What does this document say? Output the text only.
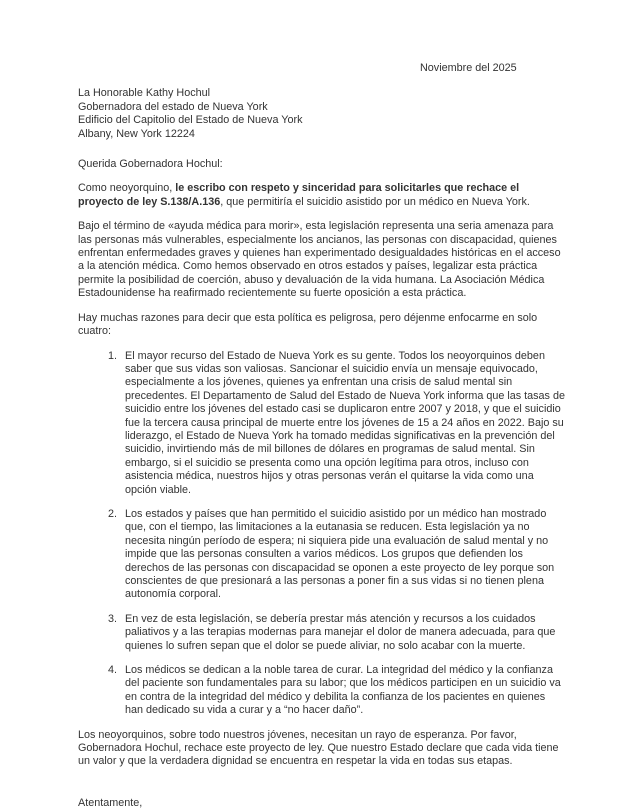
Noviembre del 2025
La Honorable Kathy Hochul
Gobernadora del estado de Nueva York
Edificio del Capitolio del Estado de Nueva York
Albany, New York 12224
Querida Gobernadora Hochul:

Como neoyorquino, le escribo con respeto y sinceridad para solicitarles que rechace el proyecto de ley S.138/A.136, que permitiría el suicidio asistido por un médico en Nueva York.

Bajo el término de «ayuda médica para morir», esta legislación representa una seria amenaza para las personas más vulnerables, especialmente los ancianos, las personas con discapacidad, quienes enfrentan enfermedades graves y quienes han experimentado desigualdades históricas en el acceso a la atención médica. Como hemos observado en otros estados y países, legalizar esta práctica permite la posibilidad de coerción, abuso y devaluación de la vida humana. La Asociación Médica Estadounidense ha reafirmado recientemente su fuerte oposición a esta práctica.

Hay muchas razones para decir que esta política es peligrosa, pero déjenme enfocarme en solo cuatro:

1. El mayor recurso del Estado de Nueva York es su gente. Todos los neoyorquinos deben saber que sus vidas son valiosas. Sancionar el suicidio envía un mensaje equivocado, especialmente a los jóvenes, quienes ya enfrentan una crisis de salud mental sin precedentes. El Departamento de Salud del Estado de Nueva York informa que las tasas de suicidio entre los jóvenes del estado casi se duplicaron entre 2007 y 2018, y que el suicidio fue la tercera causa principal de muerte entre los jóvenes de 15 a 24 años en 2022. Bajo su liderazgo, el Estado de Nueva York ha tomado medidas significativas en la prevención del suicidio, invirtiendo más de mil billones de dólares en programas de salud mental. Sin embargo, si el suicidio se presenta como una opción legítima para otros, incluso con asistencia médica, nuestros hijos y otras personas verán el quitarse la vida como una opción viable.
2. Los estados y países que han permitido el suicidio asistido por un médico han mostrado que, con el tiempo, las limitaciones a la eutanasia se reducen. Esta legislación ya no necesita ningún período de espera; ni siquiera pide una evaluación de salud mental y no impide que las personas consulten a varios médicos. Los grupos que defienden los derechos de las personas con discapacidad se oponen a este proyecto de ley porque son conscientes de que presionará a las personas a poner fin a sus vidas si no tienen plena autonomía corporal.
3. En vez de esta legislación, se debería prestar más atención y recursos a los cuidados paliativos y a las terapias modernas para manejar el dolor de manera adecuada, para que quienes lo sufren sepan que el dolor se puede aliviar, no solo acabar con la muerte.
4. Los médicos se dedican a la noble tarea de curar. La integridad del médico y la confianza del paciente son fundamentales para su labor; que los médicos participen en un suicidio va en contra de la integridad del médico y debilita la confianza de los pacientes en quienes han dedicado su vida a curar y a “no hacer daño”.

Los neoyorquinos, sobre todo nuestros jóvenes, necesitan un rayo de esperanza. Por favor, Gobernadora Hochul, rechace este proyecto de ley. Que nuestro Estado declare que cada vida tiene un valor y que la verdadera dignidad se encuentra en respetar la vida en todas sus etapas.

Atentamente,
